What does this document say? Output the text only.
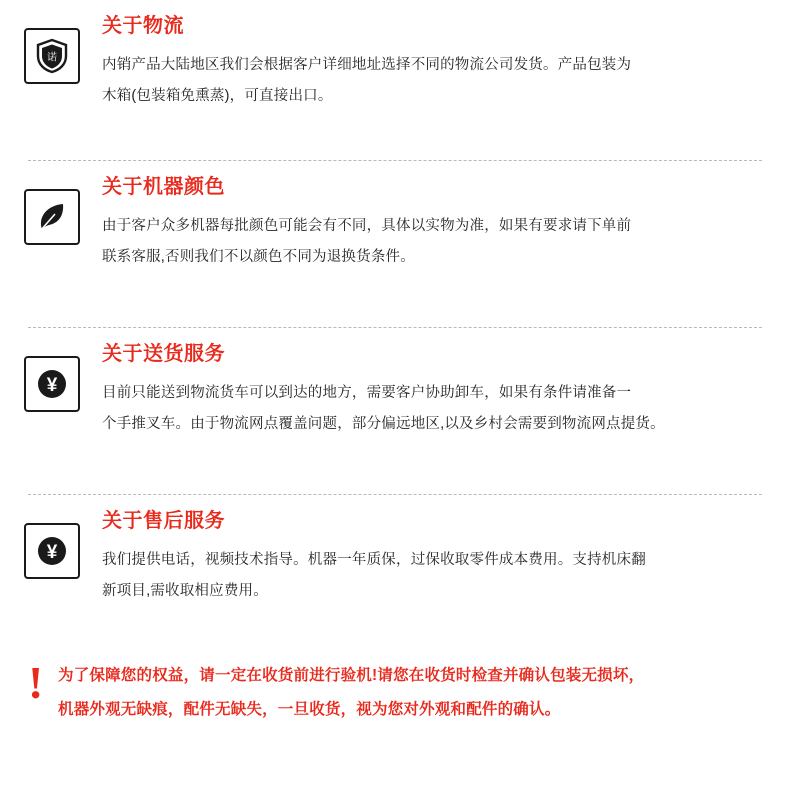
诺
关于物流

内销产品大陆地区我们会根据客户详细地址选择不同的物流公司发货。产品包装为

木箱(包装箱免熏蒸)，可直接出口。

关于机器颜色

由于客户众多机器每批颜色可能会有不同，具体以实物为准，如果有要求请下单前

联系客服,否则我们不以颜色不同为退换货条件。

¥
关于送货服务

目前只能送到物流货车可以到达的地方，需要客户协助卸车，如果有条件请准备一

个手推叉车。由于物流网点覆盖问题，部分偏远地区,以及乡村会需要到物流网点提货。

¥
关于售后服务

我们提供电话，视频技术指导。机器一年质保，过保收取零件成本费用。支持机床翻

新项目,需收取相应费用。

! 为了保障您的权益，请一定在收货前进行验机!请您在收货时检查并确认包装无损坏，
机器外观无缺痕，配件无缺失，一旦收货，视为您对外观和配件的确认。
